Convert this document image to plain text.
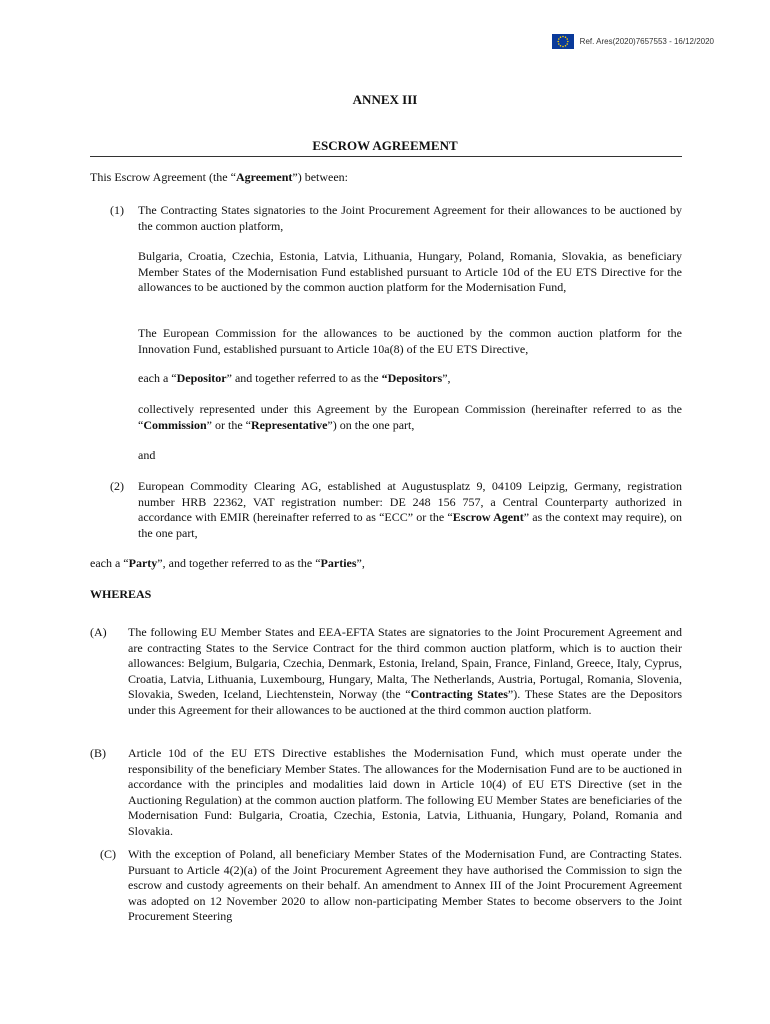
Ref. Ares(2020)7657553 - 16/12/2020
ANNEX III
ESCROW AGREEMENT

This Escrow Agreement (the “Agreement”) between:

(1) The Contracting States signatories to the Joint Procurement Agreement for their allowances to be auctioned by the common auction platform,

Bulgaria, Croatia, Czechia, Estonia, Latvia, Lithuania, Hungary, Poland, Romania, Slovakia, as beneficiary Member States of the Modernisation Fund established pursuant to Article 10d of the EU ETS Directive for the allowances to be auctioned by the common auction platform for the Modernisation Fund,

The European Commission for the allowances to be auctioned by the common auction platform for the Innovation Fund, established pursuant to Article 10a(8) of the EU ETS Directive,

each a “Depositor” and together referred to as the “Depositors”,

collectively represented under this Agreement by the European Commission (hereinafter referred to as the “Commission” or the “Representative”) on the one part,

and

(2) European Commodity Clearing AG, established at Augustusplatz 9, 04109 Leipzig, Germany, registration number HRB 22362, VAT registration number: DE 248 156 757, a Central Counterparty authorized in accordance with EMIR (hereinafter referred to as “ECC” or the “Escrow Agent” as the context may require), on the one part,

each a “Party”, and together referred to as the “Parties”,

WHEREAS

(A) The following EU Member States and EEA-EFTA States are signatories to the Joint Procurement Agreement and are contracting States to the Service Contract for the third common auction platform, which is to auction their allowances: Belgium, Bulgaria, Czechia, Denmark, Estonia, Ireland, Spain, France, Finland, Greece, Italy, Cyprus, Croatia, Latvia, Lithuania, Luxembourg, Hungary, Malta, The Netherlands, Austria, Portugal, Romania, Slovenia, Slovakia, Sweden, Iceland, Liechtenstein, Norway (the “Contracting States”). These States are the Depositors under this Agreement for their allowances to be auctioned at the third common auction platform.

(B) Article 10d of the EU ETS Directive establishes the Modernisation Fund, which must operate under the responsibility of the beneficiary Member States. The allowances for the Modernisation Fund are to be auctioned in accordance with the principles and modalities laid down in Article 10(4) of EU ETS Directive (set in the Auctioning Regulation) at the common auction platform. The following EU Member States are beneficiaries of the Modernisation Fund: Bulgaria, Croatia, Czechia, Estonia, Latvia, Lithuania, Hungary, Poland, Romania and Slovakia.

(C) With the exception of Poland, all beneficiary Member States of the Modernisation Fund, are Contracting States. Pursuant to Article 4(2)(a) of the Joint Procurement Agreement they have authorised the Commission to sign the escrow and custody agreements on their behalf. An amendment to Annex III of the Joint Procurement Agreement was adopted on 12 November 2020 to allow non-participating Member States to become observers to the Joint Procurement Steering
